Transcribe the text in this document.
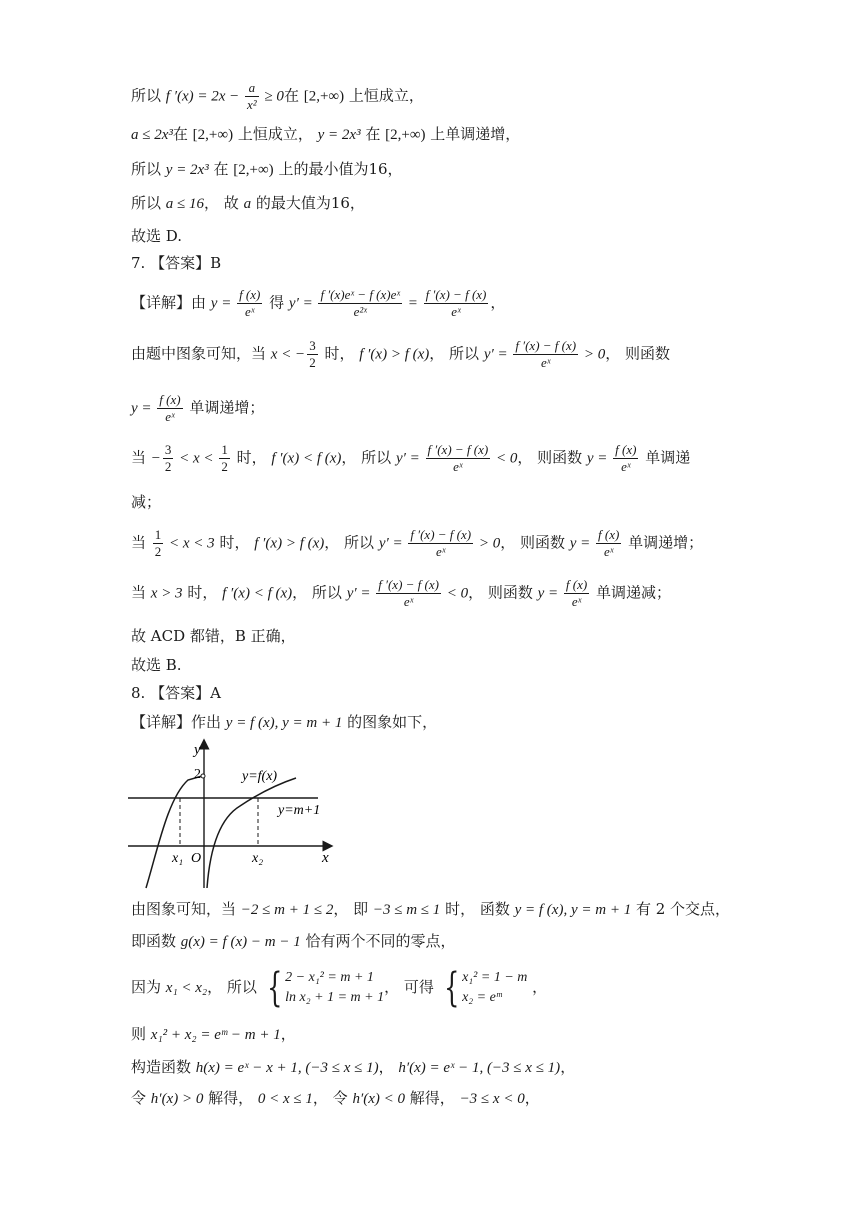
所以 f $'(x) = 2x - \frac{a}{\text{x²}} \ge 0$在 [2,+∞) 上恒成立，
a ≤ 2x³在 [2,+∞) 上恒成立， y = 2x³ 在 [2,+∞) 上单调递增，
所以 y = 2x³ 在 [2,+∞) 上的最小值为16，
所以 a ≤ 16， 故 a 的最大值为16，
故选 D.
7. 【答案】B
【详解】由 $y = \frac{f (x)}{\text{eˣ}}$ 得 $y' = \frac{\text{f ′(x)eˣ − f (x)eˣ}}{\text{e²ˣ}} = \frac{f '(x) - f (x)}{\text{eˣ}}$ ，
由题中图象可知，当 x < − $\frac{3}{2}$ 时， f ′(x) > f (x)， 所以 $y' = \frac{f '(x) - f (x)}{\text{eˣ}} > 0$， 则函数
$y = \frac{f (x)}{\text{eˣ}}$ 单调递增；
当 − $\frac{3}{2} < x < \frac{1}{2}$ 时， f ′(x) < f (x)， 所以 $y' = \frac{f '(x) - f (x)}{\text{eˣ}} < 0$， 则函数 $y = \frac{f (x)}{\text{eˣ}}$ 单调递
减；
当 $\frac{1}{2} < x < 3$ 时， f ′(x) > f (x)， 所以 $y' = \frac{f '(x) - f (x)}{\text{eˣ}} > 0$， 则函数 $y = \frac{f (x)}{\text{eˣ}}$ 单调递增；
当 x > 3 时， f ′(x) < f (x)， 所以 $y' = \frac{f '(x) - f (x)}{\text{eˣ}} < 0$， 则函数 $y = \frac{f (x)}{\text{eˣ}}$ 单调递减；
故 ACD 都错，B 正确，
故选 B.
8. 【答案】A
【详解】作出 y = f (x), y = m + 1 的图象如下，
y
x
O
2	y=f(x)
y=m+1
x₁	x₂
由图象可知，当 −2 ≤ m + 1 ≤ 2， 即 −3 ≤ m ≤ 1 时， 函数 y = f (x), y = m + 1 有 2 个交点，
即函数 g(x) = f (x) − m − 1 恰有两个不同的零点，
因为 x₁ < x₂， 所以 { 2 − x₁² = m + 1
ln x₂ + 1 = m + 1
， 可得 { x₁² = 1 − m
x₂ = eᵐ
，
则 x₁² + x₂ = eᵐ − m + 1，
构造函数 h(x) = eˣ − x + 1, (−3 ≤ x ≤ 1)， h′(x) = eˣ − 1, (−3 ≤ x ≤ 1)，
令 h′(x) > 0 解得， 0 < x ≤ 1， 令 h′(x) < 0 解得， −3 ≤ x < 0，
